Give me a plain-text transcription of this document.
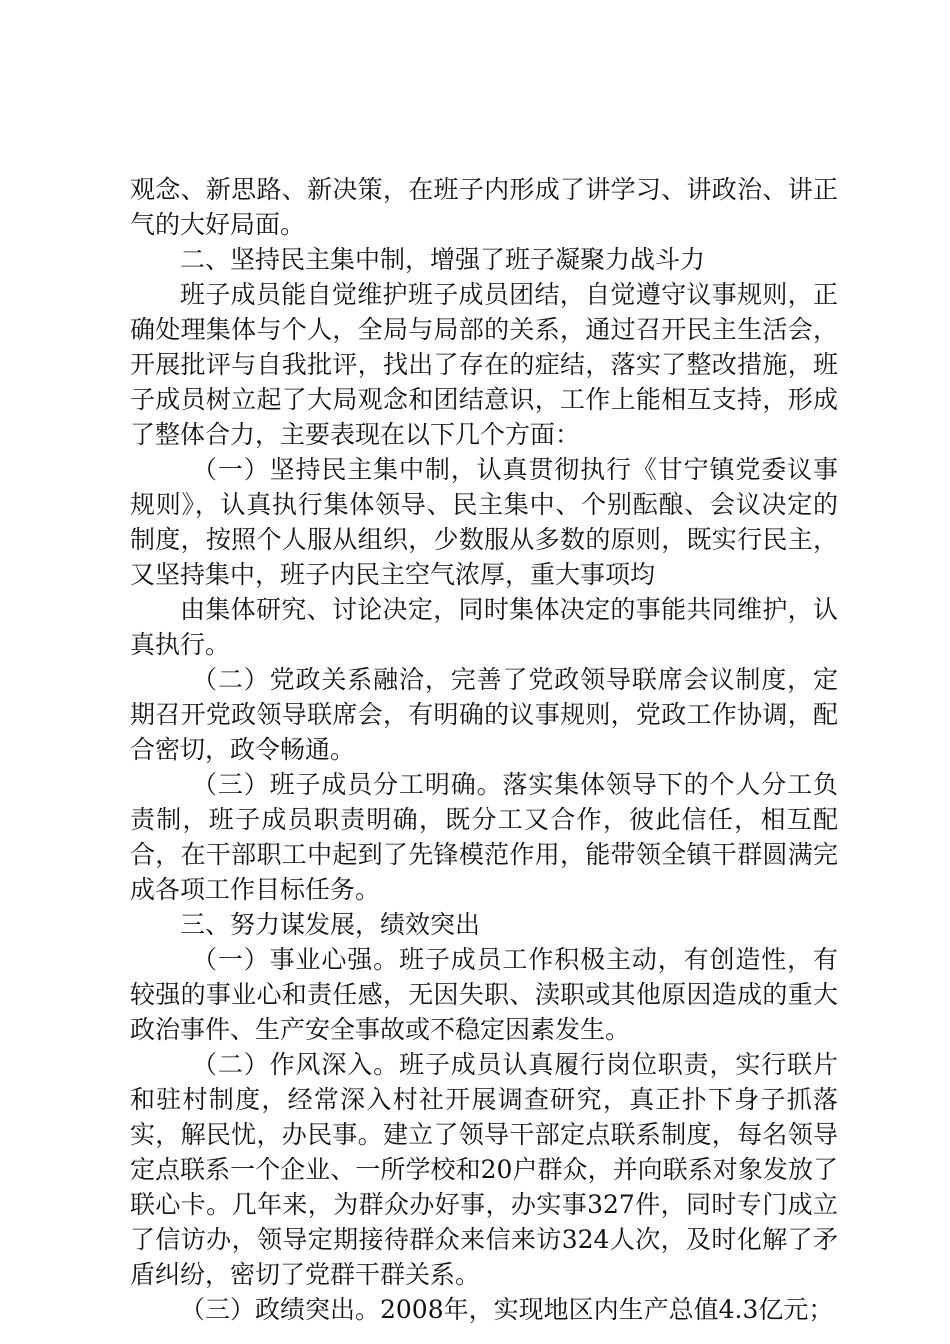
观念、新思路、新决策，在班子内形成了讲学习、讲政治、讲正气的大好局面。

二、坚持民主集中制，增强了班子凝聚力战斗力

班子成员能自觉维护班子成员团结，自觉遵守议事规则，正确处理集体与个人，全局与局部的关系，通过召开民主生活会，开展批评与自我批评，找出了存在的症结，落实了整改措施，班子成员树立起了大局观念和团结意识，工作上能相互支持，形成了整体合力，主要表现在以下几个方面：

（一）坚持民主集中制，认真贯彻执行《甘宁镇党委议事规则》，认真执行集体领导、民主集中、个别酝酿、会议决定的制度，按照个人服从组织，少数服从多数的原则，既实行民主，又坚持集中，班子内民主空气浓厚，重大事项均

由集体研究、讨论决定，同时集体决定的事能共同维护，认真执行。

（二）党政关系融洽，完善了党政领导联席会议制度，定期召开党政领导联席会，有明确的议事规则，党政工作协调，配合密切，政令畅通。

（三）班子成员分工明确。落实集体领导下的个人分工负责制，班子成员职责明确，既分工又合作，彼此信任，相互配合，在干部职工中起到了先锋模范作用，能带领全镇干群圆满完成各项工作目标任务。

三、努力谋发展，绩效突出

（一）事业心强。班子成员工作积极主动，有创造性，有较强的事业心和责任感，无因失职、渎职或其他原因造成的重大政治事件、生产安全事故或不稳定因素发生。

（二）作风深入。班子成员认真履行岗位职责，实行联片和驻村制度，经常深入村社开展调查研究，真正扑下身子抓落实，解民忧，办民事。建立了领导干部定点联系制度，每名领导定点联系一个企业、一所学校和20户群众，并向联系对象发放了联心卡。几年来，为群众办好事，办实事327件，同时专门成立了信访办，领导定期接待群众来信来访324人次，及时化解了矛盾纠纷，密切了党群干群关系。

（三）政绩突出。2008年，实现地区内生产总值4.3亿元；
